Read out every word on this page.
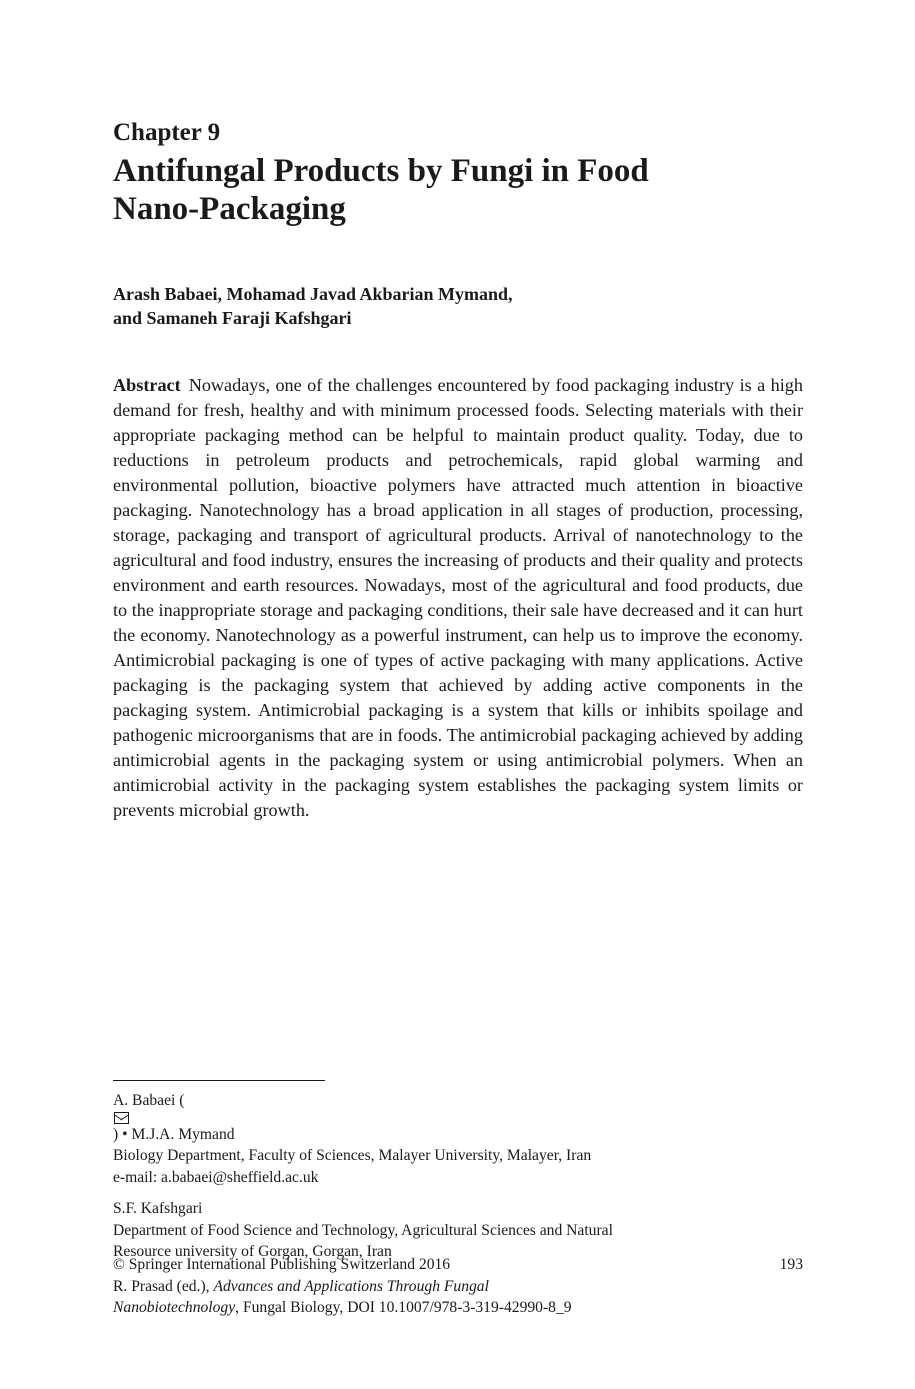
Chapter 9
Antifungal Products by Fungi in Food Nano-Packaging
Arash Babaei, Mohamad Javad Akbarian Mymand,
and Samaneh Faraji Kafshgari

Abstract Nowadays, one of the challenges encountered by food packaging industry is a high demand for fresh, healthy and with minimum processed foods. Selecting materials with their appropriate packaging method can be helpful to maintain product quality. Today, due to reductions in petroleum products and petrochemicals, rapid global warming and environmental pollution, bioactive polymers have attracted much attention in bioactive packaging. Nanotechnology has a broad application in all stages of production, processing, storage, packaging and transport of agricultural products. Arrival of nanotechnology to the agricultural and food industry, ensures the increasing of products and their quality and protects environment and earth resources. Nowadays, most of the agricultural and food products, due to the inappropriate storage and packaging conditions, their sale have decreased and it can hurt the economy. Nanotechnology as a powerful instrument, can help us to improve the economy. Antimicrobial packaging is one of types of active packaging with many applications. Active packaging is the packaging system that achieved by adding active components in the packaging system. Antimicrobial packaging is a system that kills or inhibits spoilage and pathogenic microorganisms that are in foods. The antimicrobial packaging achieved by adding antimicrobial agents in the packaging system or using antimicrobial polymers. When an antimicrobial activity in the packaging system establishes the packaging system limits or prevents microbial growth.

A. Babaei (
) • M.J.A. Mymand
Biology Department, Faculty of Sciences, Malayer University, Malayer, Iran
e-mail: a.babaei@sheffield.ac.uk
S.F. Kafshgari
Department of Food Science and Technology, Agricultural Sciences and Natural
Resource university of Gorgan, Gorgan, Iran
© Springer International Publishing Switzerland 2016	193
R. Prasad (ed.), Advances and Applications Through Fungal
Nanobiotechnology, Fungal Biology, DOI 10.1007/978-3-319-42990-8_9
